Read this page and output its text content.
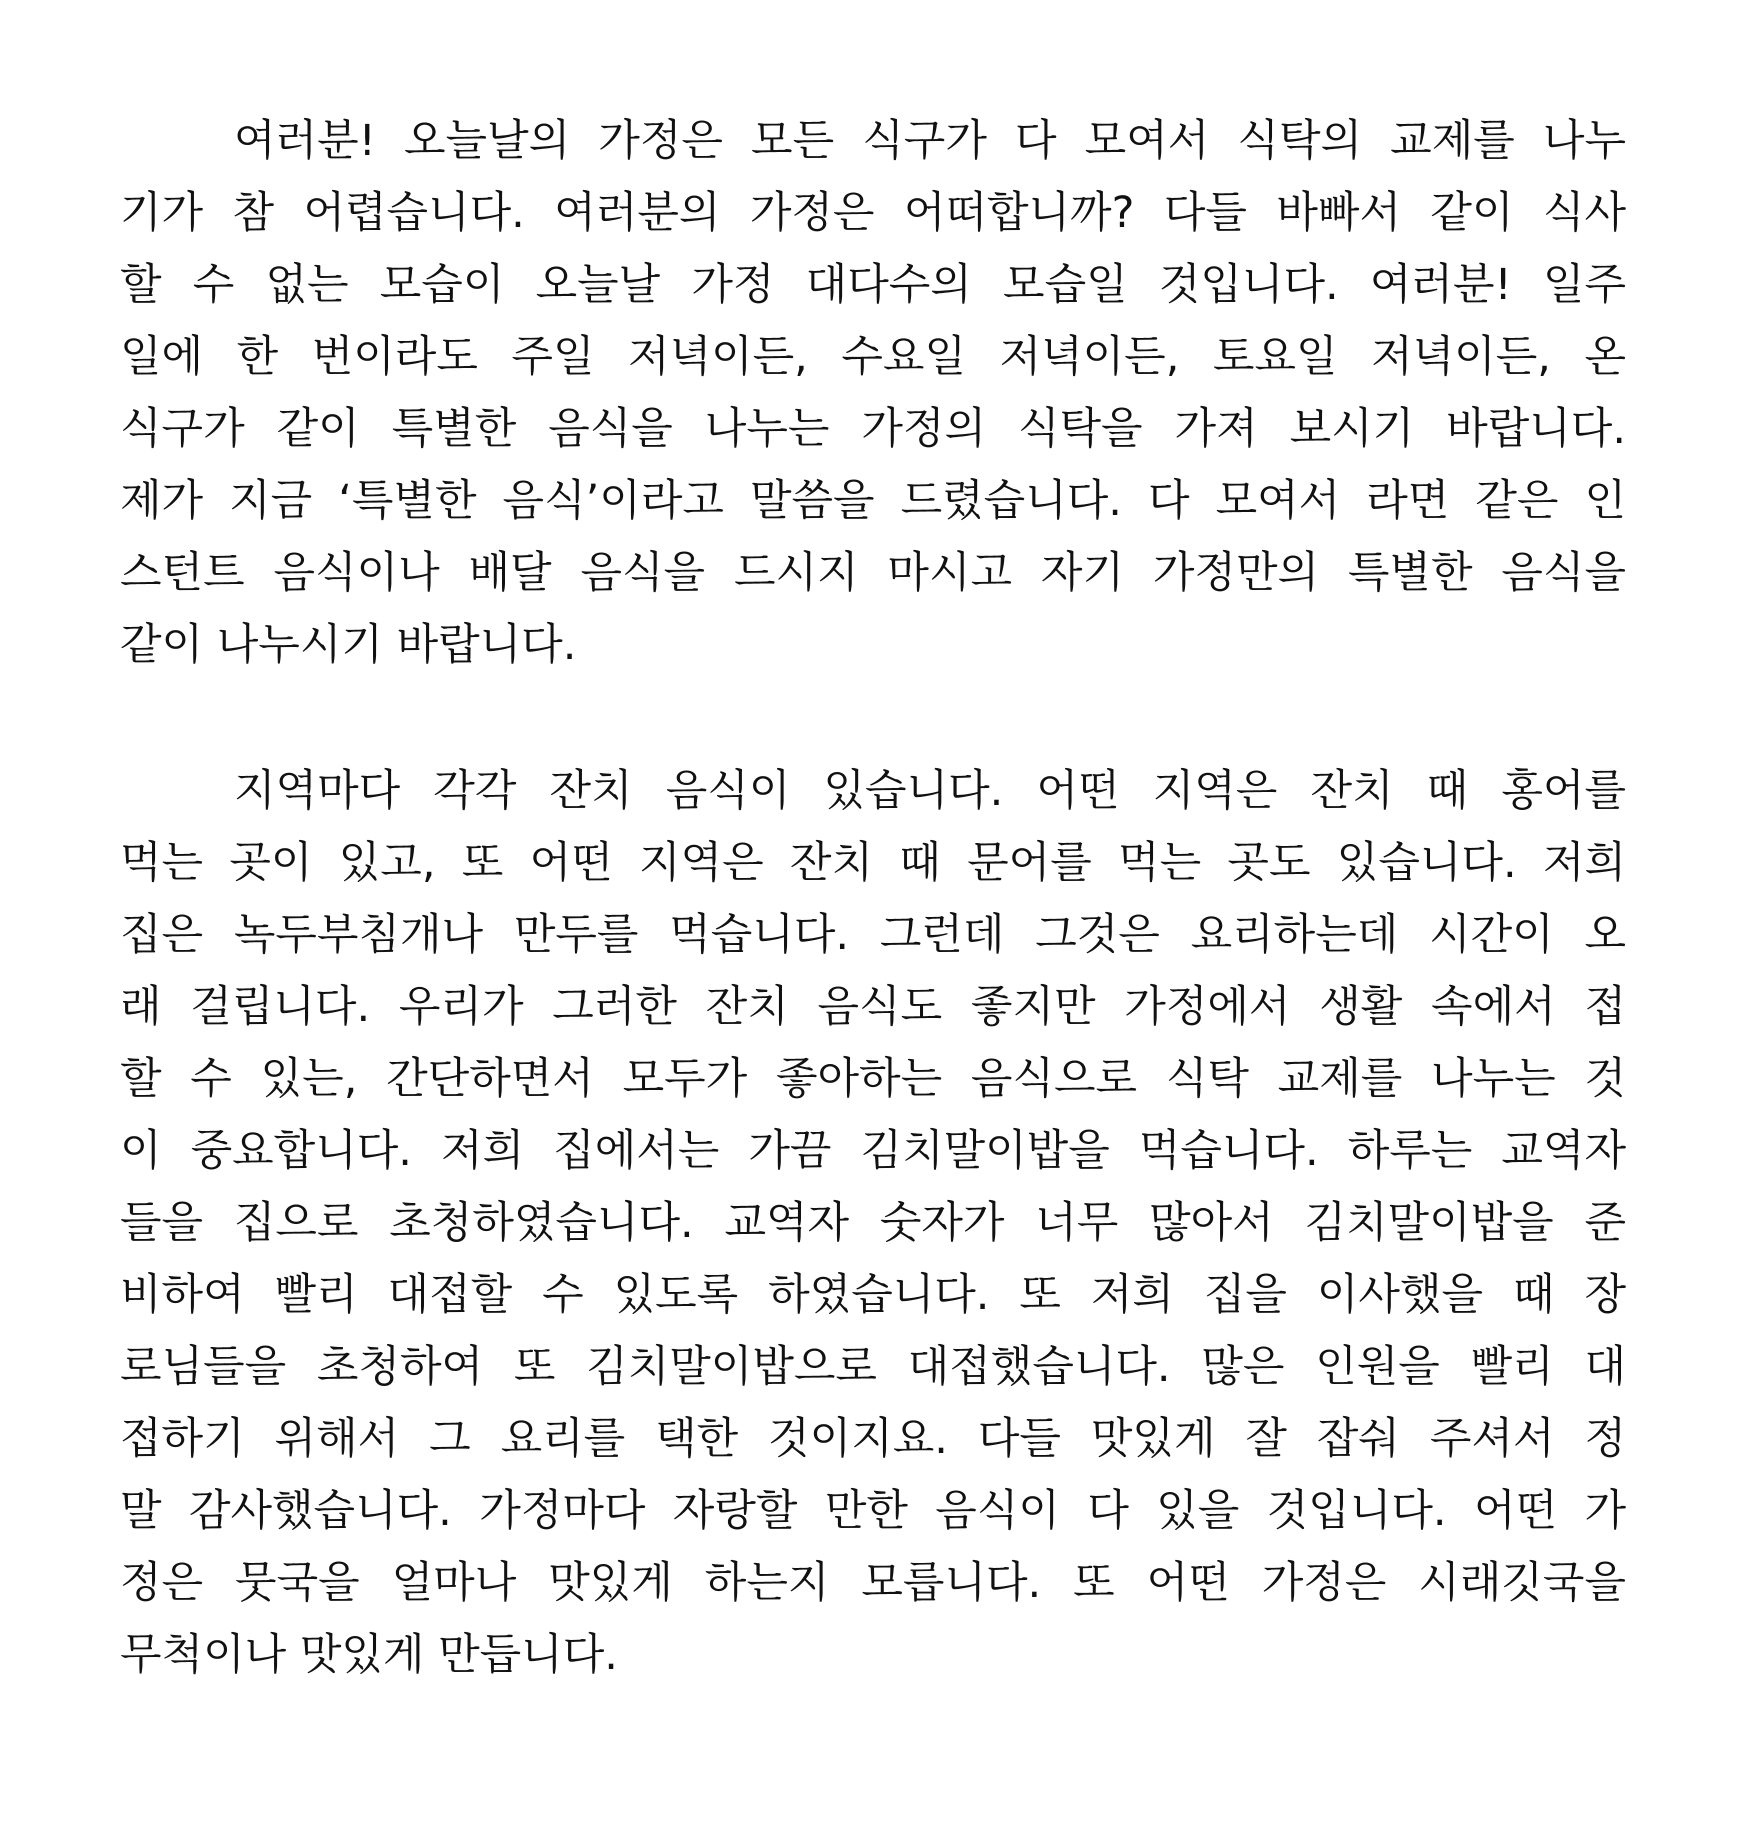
여러분! 오늘날의 가정은 모든 식구가 다 모여서 식탁의 교제를 나누
기가 참 어렵습니다. 여러분의 가정은 어떠합니까? 다들 바빠서 같이 식사
할 수 없는 모습이 오늘날 가정 대다수의 모습일 것입니다. 여러분! 일주
일에 한 번이라도 주일 저녁이든, 수요일 저녁이든, 토요일 저녁이든, 온
식구가 같이 특별한 음식을 나누는 가정의 식탁을 가져 보시기 바랍니다.
제가 지금 ‘특별한 음식’이라고 말씀을 드렸습니다. 다 모여서 라면 같은 인
스턴트 음식이나 배달 음식을 드시지 마시고 자기 가정만의 특별한 음식을
같이 나누시기 바랍니다.

지역마다 각각 잔치 음식이 있습니다. 어떤 지역은 잔치 때 홍어를
먹는 곳이 있고, 또 어떤 지역은 잔치 때 문어를 먹는 곳도 있습니다. 저희
집은 녹두부침개나 만두를 먹습니다. 그런데 그것은 요리하는데 시간이 오
래 걸립니다. 우리가 그러한 잔치 음식도 좋지만 가정에서 생활 속에서 접
할 수 있는, 간단하면서 모두가 좋아하는 음식으로 식탁 교제를 나누는 것
이 중요합니다. 저희 집에서는 가끔 김치말이밥을 먹습니다. 하루는 교역자
들을 집으로 초청하였습니다. 교역자 숫자가 너무 많아서 김치말이밥을 준
비하여 빨리 대접할 수 있도록 하였습니다. 또 저희 집을 이사했을 때 장
로님들을 초청하여 또 김치말이밥으로 대접했습니다. 많은 인원을 빨리 대
접하기 위해서 그 요리를 택한 것이지요. 다들 맛있게 잘 잡숴 주셔서 정
말 감사했습니다. 가정마다 자랑할 만한 음식이 다 있을 것입니다. 어떤 가
정은 뭇국을 얼마나 맛있게 하는지 모릅니다. 또 어떤 가정은 시래깃국을
무척이나 맛있게 만듭니다.
